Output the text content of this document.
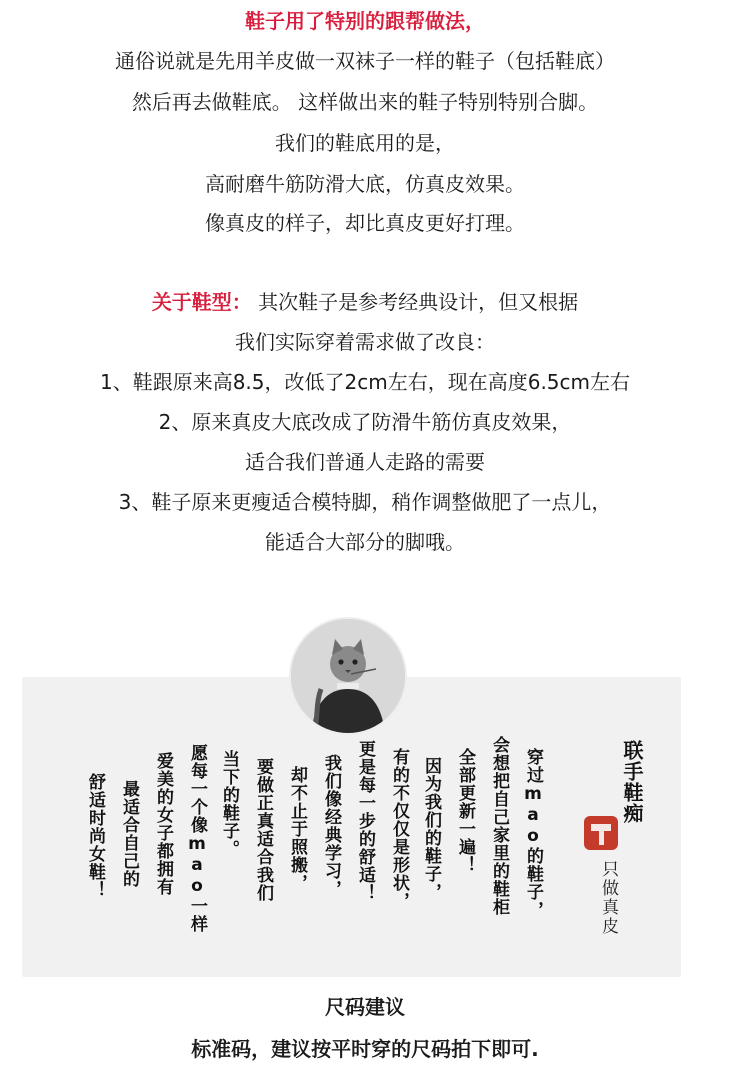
鞋子用了特别的跟帮做法，
通俗说就是先用羊皮做一双袜子一样的鞋子（包括鞋底）
然后再去做鞋底。 这样做出来的鞋子特别特别合脚。
我们的鞋底用的是，
高耐磨牛筋防滑大底，仿真皮效果。
像真皮的样子，却比真皮更好打理。
关于鞋型： 其次鞋子是参考经典设计，但又根据
我们实际穿着需求做了改良：
1、鞋跟原来高8.5，改低了2cm左右，现在高度6.5cm左右
2、原来真皮大底改成了防滑牛筋仿真皮效果，
适合我们普通人走路的需要
3、鞋子原来更瘦适合模特脚，稍作调整做肥了一点儿，
能适合大部分的脚哦。
联手鞋痴
只做真皮
穿过mao的鞋子，
会想把自己家里的鞋柜
全部更新一遍！
因为我们的鞋子，
有的不仅仅是形状，
更是每一步的舒适！
我们像经典学习，
却不止于照搬，
要做正真适合我们
当下的鞋子。
愿每一个像mao一样
爱美的女子都拥有
最适合自己的
舒适时尚女鞋！
尺码建议
标准码，建议按平时穿的尺码拍下即可.
